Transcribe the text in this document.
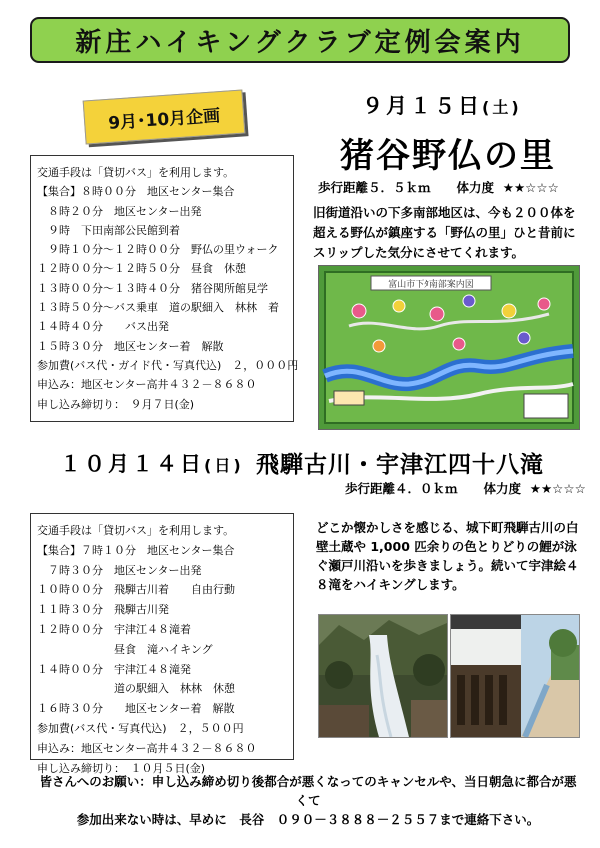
新庄ハイキングクラブ定例会案内
9月･10月企画	９月１５日(土)
猪谷野仏の里
歩行距離５．５ｋｍ 体力度 ★★☆☆☆
旧街道沿いの下多南部地区は、今も２００体を超える野仏が鎮座する「野仏の里」ひと昔前にスリップした気分にさせてくれます。
交通手段は「貸切バス」を利用します。
【集合】８時００分　地区センター集合
　８時２０分　地区センター出発
　９時　下田南部公民館到着
　９時１０分～１２時００分　野仏の里ウォーク
１２時００分～１２時５０分　昼食　休憩
１３時００分～１３時４０分　猪谷関所館見学
１３時５０分～バス乗車　道の駅細入　林林　着
１４時４０分　　バス出発
１５時３０分　地区センター着　解散
参加費(バス代・ガイド代・写真代込)　２，０００円
申込み：地区センター高井４３２－８６８０
申し込み締切り：　９月７日(金)
富山市下ﾀ南部案内図
１０月１４日(日) 飛騨古川・宇津江四十八滝
歩行距離４．０ｋｍ 体力度 ★★☆☆☆
どこか懐かしさを感じる、城下町飛騨古川の白壁土蔵や 1,000 匹余りの色とりどりの鯉が泳ぐ瀬戸川沿いを歩きましょう。続いて宇津絵４８滝をハイキングします。
交通手段は「貸切バス」を利用します。
【集合】７時１０分　地区センター集合
　７時３０分　地区センター出発
１０時００分　飛騨古川着　　自由行動
１１時３０分　飛騨古川発
１２時００分　宇津江４８滝着
　　　　　　　昼食　滝ハイキング
１４時００分　宇津江４８滝発
　　　　　　　道の駅細入　林林　休憩
１６時３０分　　地区センター着　解散
参加費(バス代・写真代込)　２，５００円
申込み：地区センター高井４３２－８６８０
申し込み締切り：　１０月５日(金)
皆さんへのお願い：申し込み締め切り後都合が悪くなってのキャンセルや、当日朝急に都合が悪くて
参加出来ない時は、早めに　長谷　０９０－３８８８－２５５７まで連絡下さい。
